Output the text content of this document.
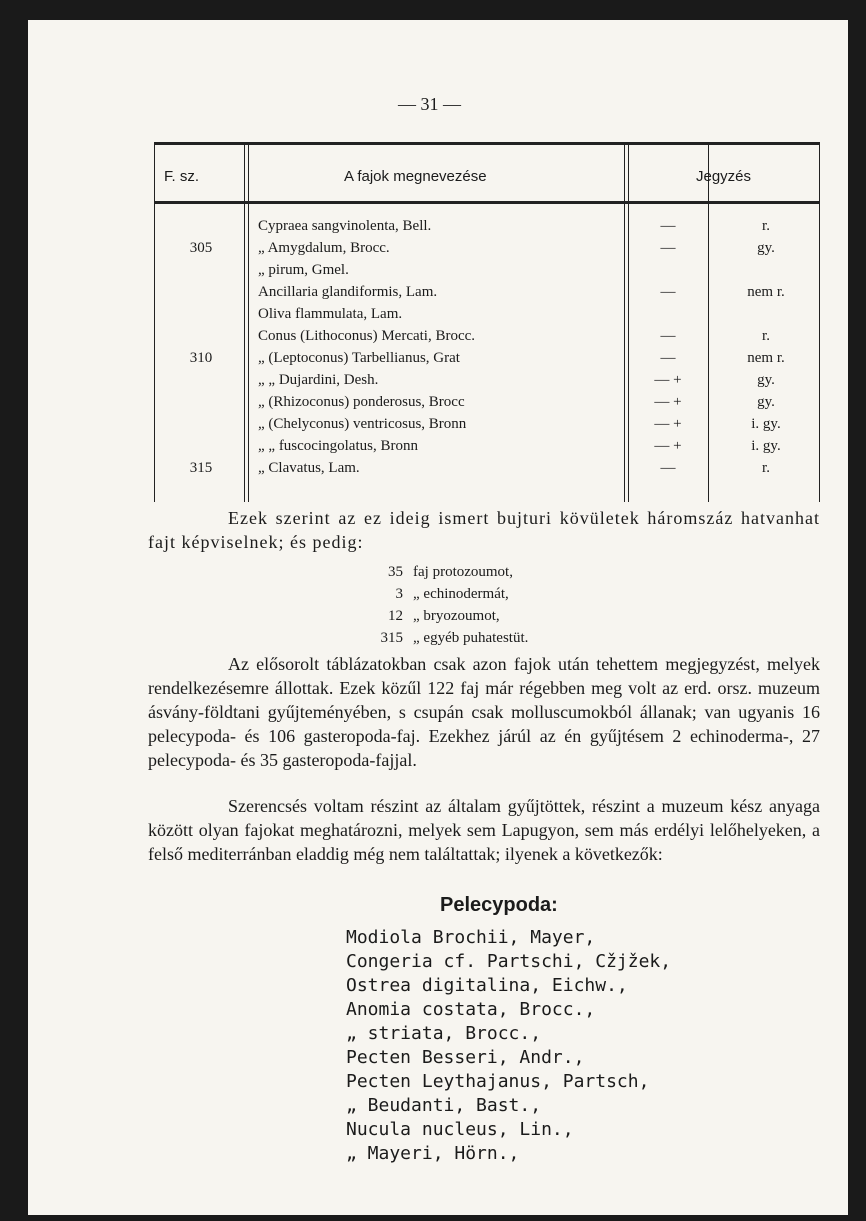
— 31 —
F. sz.	A fajok megnevezése	Jegyzés
Cypraea sangvinolenta, Bell.	—	r.
305	„ Amygdalum, Brocc.	—	gy.
„ pirum, Gmel.
Ancillaria glandiformis, Lam.	—	nem r.
Oliva flammulata, Lam.
Conus (Lithoconus) Mercati, Brocc.	—	r.
310	„ (Leptoconus) Tarbellianus, Grat	—	nem r.
„ „ Dujardini, Desh.	— +	gy.
„ (Rhizoconus) ponderosus, Brocc	— +	gy.
„ (Chelyconus) ventricosus, Bronn	— +	i. gy.
„ „ fuscocingolatus, Bronn	— +	i. gy.
315	„ Clavatus, Lam.	—	r.

Ezek szerint az ez ideig ismert bujturi kövületek háromszáz hatvanhat fajt képviselnek; és pedig:

35 faj protozoumot,
3 „ echinodermát,
12 „ bryozoumot,
315 „ egyéb puhatestüt.

Az elősorolt táblázatokban csak azon fajok után tehettem megjegyzést, melyek rendelkezésemre állottak. Ezek közűl 122 faj már régebben meg volt az erd. orsz. muzeum ásvány-földtani gyűjteményében, s csupán csak molluscumokból állanak; van ugyanis 16 pelecypoda- és 106 gasteropoda-faj. Ezekhez járúl az én gyűjtésem 2 echinoderma-, 27 pelecypoda- és 35 gasteropoda-fajjal.

Szerencsés voltam részint az általam gyűjtöttek, részint a muzeum kész anyaga között olyan fajokat meghatározni, melyek sem Lapugyon, sem más erdélyi lelőhelyeken, a felső mediterránban eladdig még nem találtattak; ilyenek a következők:

Pelecypoda:
Modiola Brochii, Mayer,
Congeria cf. Partschi, Cžjžek,
Ostrea digitalina, Eichw.,
Anomia costata, Brocc.,
„ striata, Brocc.,
Pecten Besseri, Andr.,
Pecten Leythajanus, Partsch,
„ Beudanti, Bast.,
Nucula nucleus, Lin.,
„ Mayeri, Hörn.,
